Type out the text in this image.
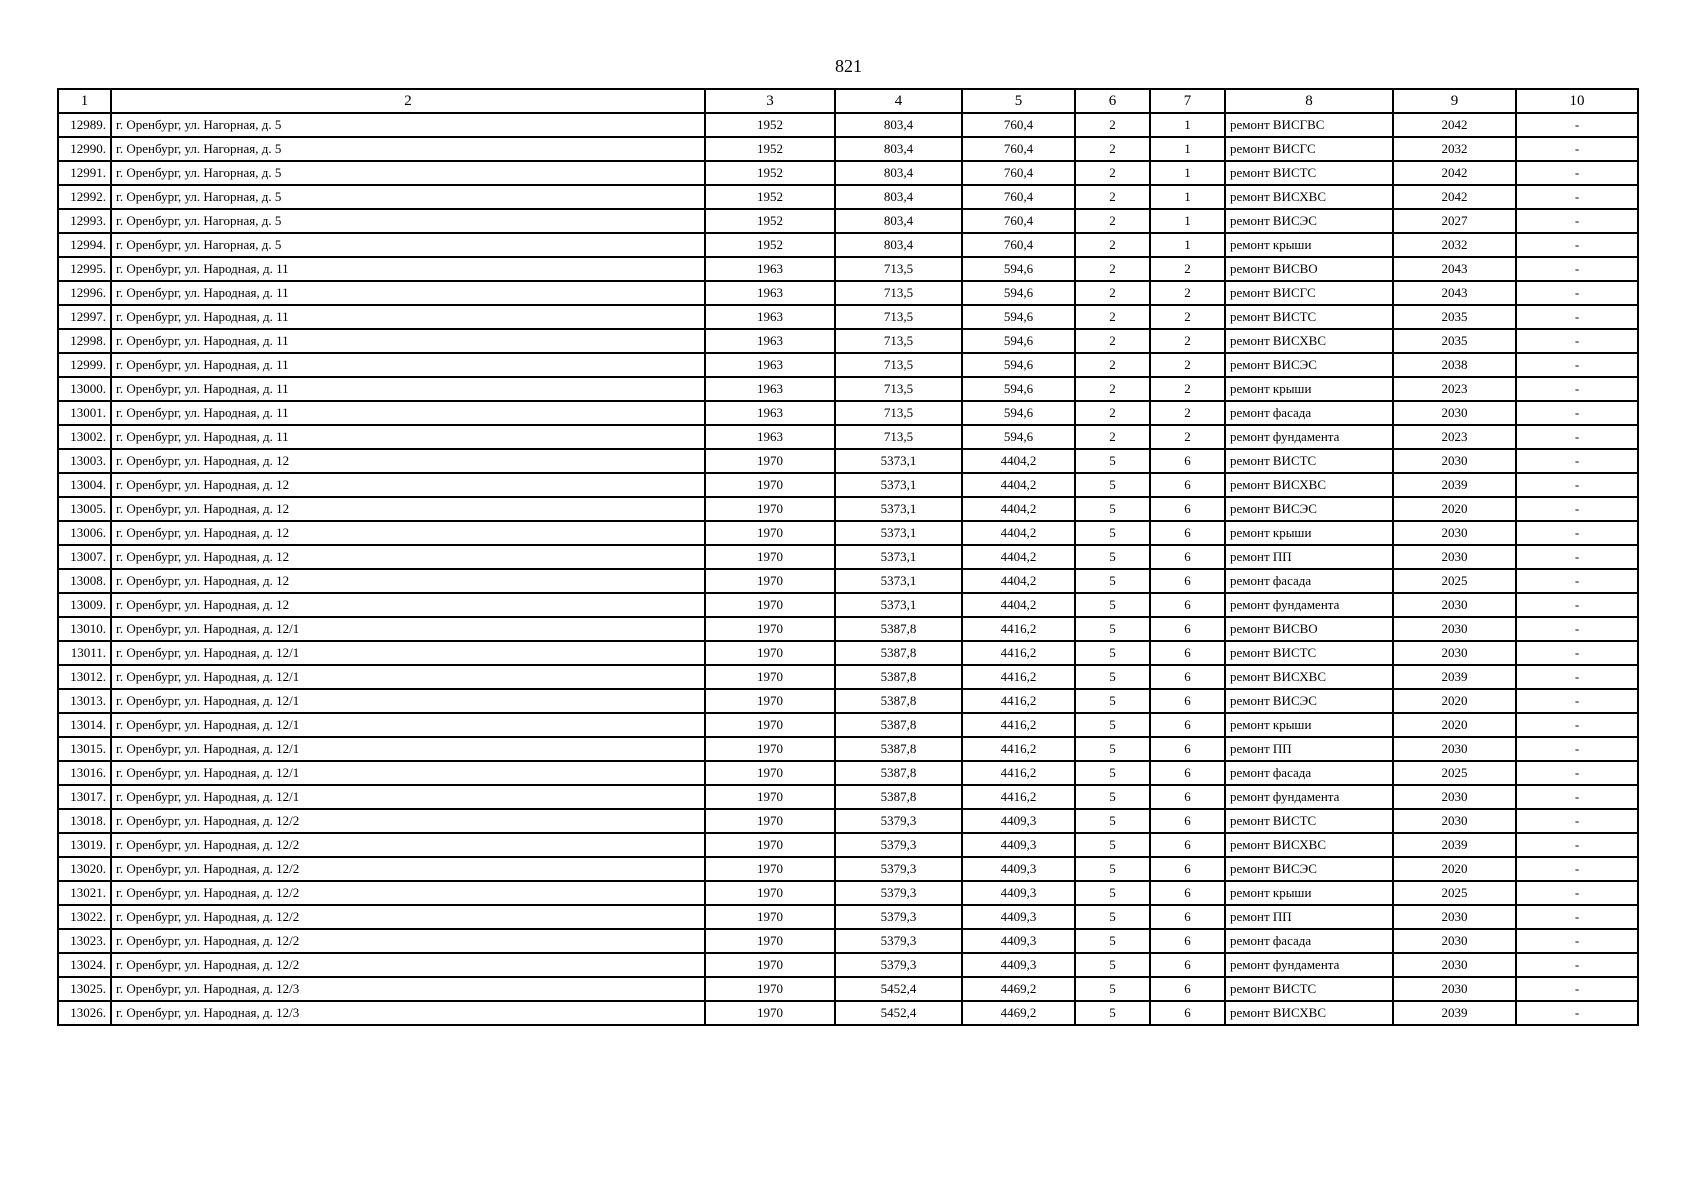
821
1	2	3	4	5	6	7	8	9	10
12989.	г. Оренбург, ул. Нагорная, д. 5	1952	803,4	760,4	2	1	ремонт ВИСГВС	2042	-
12990.	г. Оренбург, ул. Нагорная, д. 5	1952	803,4	760,4	2	1	ремонт ВИСГС	2032	-
12991.	г. Оренбург, ул. Нагорная, д. 5	1952	803,4	760,4	2	1	ремонт ВИСТС	2042	-
12992.	г. Оренбург, ул. Нагорная, д. 5	1952	803,4	760,4	2	1	ремонт ВИСХВС	2042	-
12993.	г. Оренбург, ул. Нагорная, д. 5	1952	803,4	760,4	2	1	ремонт ВИСЭС	2027	-
12994.	г. Оренбург, ул. Нагорная, д. 5	1952	803,4	760,4	2	1	ремонт крыши	2032	-
12995.	г. Оренбург, ул. Народная, д. 11	1963	713,5	594,6	2	2	ремонт ВИСВО	2043	-
12996.	г. Оренбург, ул. Народная, д. 11	1963	713,5	594,6	2	2	ремонт ВИСГС	2043	-
12997.	г. Оренбург, ул. Народная, д. 11	1963	713,5	594,6	2	2	ремонт ВИСТС	2035	-
12998.	г. Оренбург, ул. Народная, д. 11	1963	713,5	594,6	2	2	ремонт ВИСХВС	2035	-
12999.	г. Оренбург, ул. Народная, д. 11	1963	713,5	594,6	2	2	ремонт ВИСЭС	2038	-
13000.	г. Оренбург, ул. Народная, д. 11	1963	713,5	594,6	2	2	ремонт крыши	2023	-
13001.	г. Оренбург, ул. Народная, д. 11	1963	713,5	594,6	2	2	ремонт фасада	2030	-
13002.	г. Оренбург, ул. Народная, д. 11	1963	713,5	594,6	2	2	ремонт фундамента	2023	-
13003.	г. Оренбург, ул. Народная, д. 12	1970	5373,1	4404,2	5	6	ремонт ВИСТС	2030	-
13004.	г. Оренбург, ул. Народная, д. 12	1970	5373,1	4404,2	5	6	ремонт ВИСХВС	2039	-
13005.	г. Оренбург, ул. Народная, д. 12	1970	5373,1	4404,2	5	6	ремонт ВИСЭС	2020	-
13006.	г. Оренбург, ул. Народная, д. 12	1970	5373,1	4404,2	5	6	ремонт крыши	2030	-
13007.	г. Оренбург, ул. Народная, д. 12	1970	5373,1	4404,2	5	6	ремонт ПП	2030	-
13008.	г. Оренбург, ул. Народная, д. 12	1970	5373,1	4404,2	5	6	ремонт фасада	2025	-
13009.	г. Оренбург, ул. Народная, д. 12	1970	5373,1	4404,2	5	6	ремонт фундамента	2030	-
13010.	г. Оренбург, ул. Народная, д. 12/1	1970	5387,8	4416,2	5	6	ремонт ВИСВО	2030	-
13011.	г. Оренбург, ул. Народная, д. 12/1	1970	5387,8	4416,2	5	6	ремонт ВИСТС	2030	-
13012.	г. Оренбург, ул. Народная, д. 12/1	1970	5387,8	4416,2	5	6	ремонт ВИСХВС	2039	-
13013.	г. Оренбург, ул. Народная, д. 12/1	1970	5387,8	4416,2	5	6	ремонт ВИСЭС	2020	-
13014.	г. Оренбург, ул. Народная, д. 12/1	1970	5387,8	4416,2	5	6	ремонт крыши	2020	-
13015.	г. Оренбург, ул. Народная, д. 12/1	1970	5387,8	4416,2	5	6	ремонт ПП	2030	-
13016.	г. Оренбург, ул. Народная, д. 12/1	1970	5387,8	4416,2	5	6	ремонт фасада	2025	-
13017.	г. Оренбург, ул. Народная, д. 12/1	1970	5387,8	4416,2	5	6	ремонт фундамента	2030	-
13018.	г. Оренбург, ул. Народная, д. 12/2	1970	5379,3	4409,3	5	6	ремонт ВИСТС	2030	-
13019.	г. Оренбург, ул. Народная, д. 12/2	1970	5379,3	4409,3	5	6	ремонт ВИСХВС	2039	-
13020.	г. Оренбург, ул. Народная, д. 12/2	1970	5379,3	4409,3	5	6	ремонт ВИСЭС	2020	-
13021.	г. Оренбург, ул. Народная, д. 12/2	1970	5379,3	4409,3	5	6	ремонт крыши	2025	-
13022.	г. Оренбург, ул. Народная, д. 12/2	1970	5379,3	4409,3	5	6	ремонт ПП	2030	-
13023.	г. Оренбург, ул. Народная, д. 12/2	1970	5379,3	4409,3	5	6	ремонт фасада	2030	-
13024.	г. Оренбург, ул. Народная, д. 12/2	1970	5379,3	4409,3	5	6	ремонт фундамента	2030	-
13025.	г. Оренбург, ул. Народная, д. 12/3	1970	5452,4	4469,2	5	6	ремонт ВИСТС	2030	-
13026.	г. Оренбург, ул. Народная, д. 12/3	1970	5452,4	4469,2	5	6	ремонт ВИСХВС	2039	-
